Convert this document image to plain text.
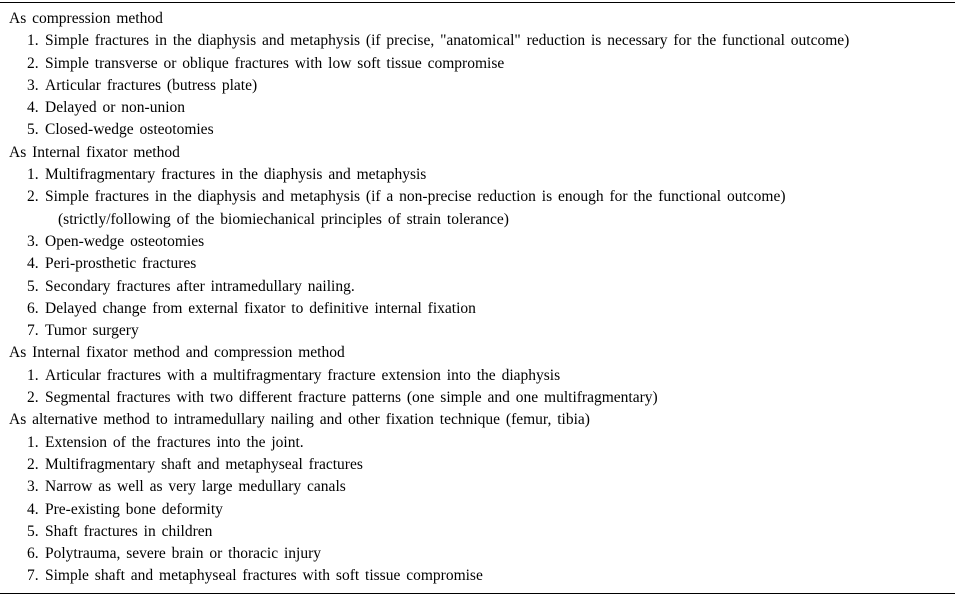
As compression method
1. Simple fractures in the diaphysis and metaphysis (if precise, "anatomical" reduction is necessary for the functional outcome)
2. Simple transverse or oblique fractures with low soft tissue compromise
3. Articular fractures (butress plate)
4. Delayed or non-union
5. Closed-wedge osteotomies
As Internal fixator method
1. Multifragmentary fractures in the diaphysis and metaphysis
2. Simple fractures in the diaphysis and metaphysis (if a non-precise reduction is enough for the functional outcome)
(strictly/following of the biomiechanical principles of strain tolerance)
3. Open-wedge osteotomies
4. Peri-prosthetic fractures
5. Secondary fractures after intramedullary nailing.
6. Delayed change from external fixator to definitive internal fixation
7. Tumor surgery
As Internal fixator method and compression method
1. Articular fractures with a multifragmentary fracture extension into the diaphysis
2. Segmental fractures with two different fracture patterns (one simple and one multifragmentary)
As alternative method to intramedullary nailing and other fixation technique (femur, tibia)
1. Extension of the fractures into the joint.
2. Multifragmentary shaft and metaphyseal fractures
3. Narrow as well as very large medullary canals
4. Pre-existing bone deformity
5. Shaft fractures in children
6. Polytrauma, severe brain or thoracic injury
7. Simple shaft and metaphyseal fractures with soft tissue compromise
